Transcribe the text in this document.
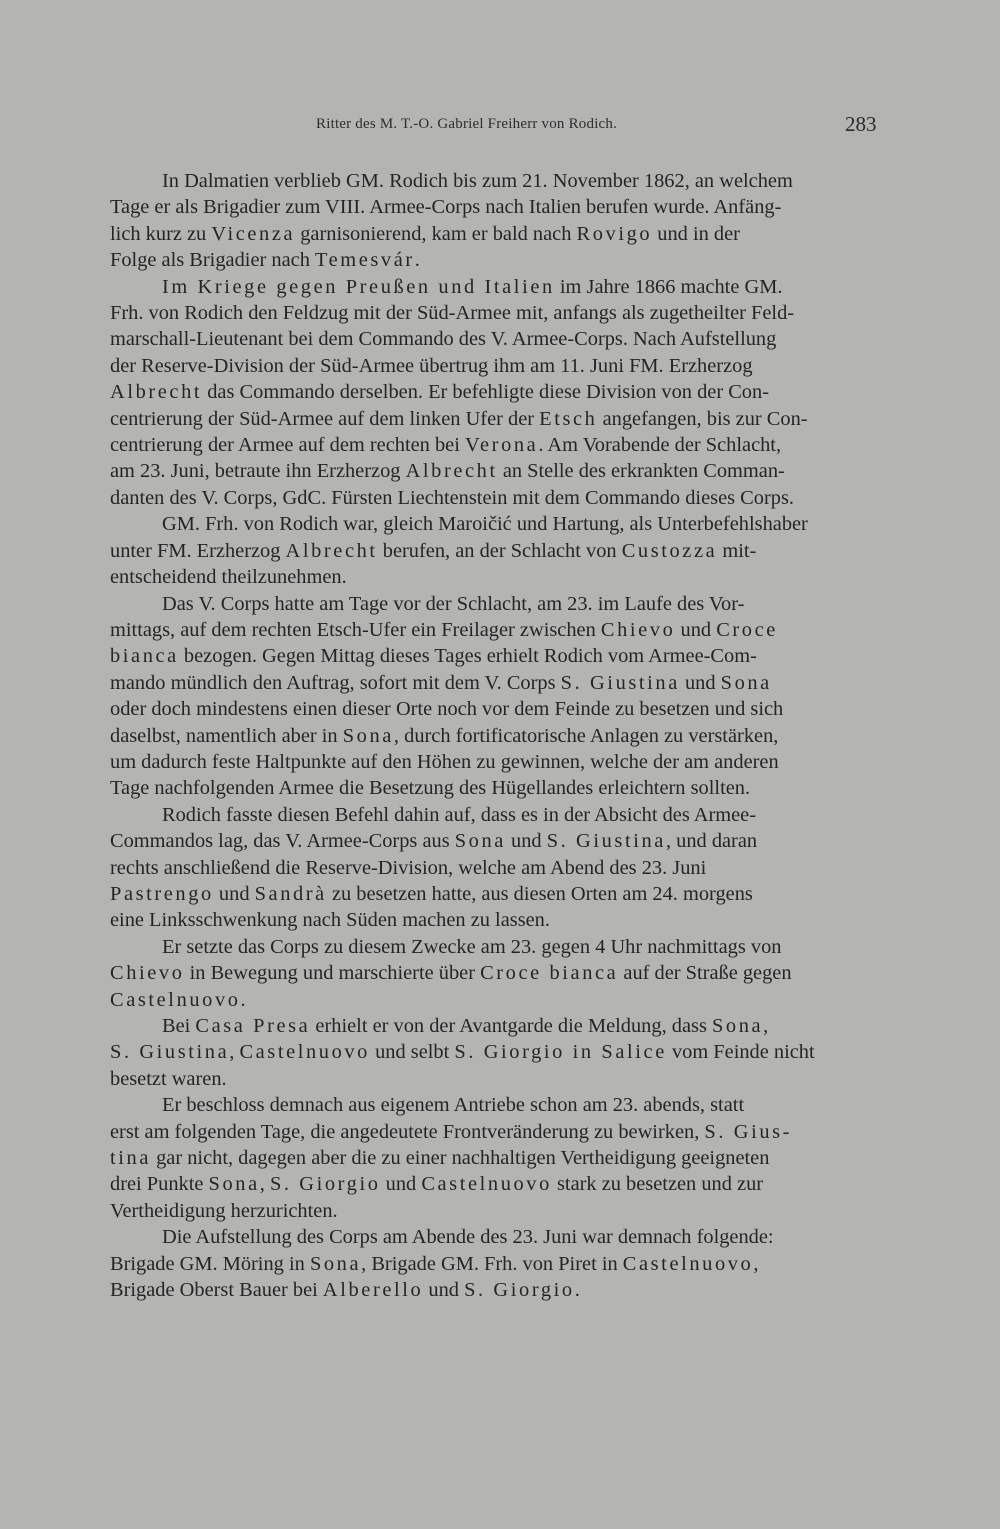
Ritter des M. T.-O. Gabriel Freiherr von Rodich.	283

In Dalmatien verblieb GM. Rodich bis zum 21. November 1862, an welchem
Tage er als Brigadier zum VIII. Armee-Corps nach Italien berufen wurde. Anfäng-
lich kurz zu Vicenza garnisonierend, kam er bald nach Rovigo und in der
Folge als Brigadier nach Temesvár.

Im Kriege gegen Preußen und Italien im Jahre 1866 machte GM.
Frh. von Rodich den Feldzug mit der Süd-Armee mit, anfangs als zugetheilter Feld-
marschall-Lieutenant bei dem Commando des V. Armee-Corps. Nach Aufstellung
der Reserve-Division der Süd-Armee übertrug ihm am 11. Juni FM. Erzherzog
Albrecht das Commando derselben. Er befehligte diese Division von der Con-
centrierung der Süd-Armee auf dem linken Ufer der Etsch angefangen, bis zur Con-
centrierung der Armee auf dem rechten bei Verona. Am Vorabende der Schlacht,
am 23. Juni, betraute ihn Erzherzog Albrecht an Stelle des erkrankten Comman-
danten des V. Corps, GdC. Fürsten Liechtenstein mit dem Commando dieses Corps.

GM. Frh. von Rodich war, gleich Maroičić und Hartung, als Unterbefehlshaber
unter FM. Erzherzog Albrecht berufen, an der Schlacht von Custozza mit-
entscheidend theilzunehmen.

Das V. Corps hatte am Tage vor der Schlacht, am 23. im Laufe des Vor-
mittags, auf dem rechten Etsch-Ufer ein Freilager zwischen Chievo und Croce
bianca bezogen. Gegen Mittag dieses Tages erhielt Rodich vom Armee-Com-
mando mündlich den Auftrag, sofort mit dem V. Corps S. Giustina und Sona
oder doch mindestens einen dieser Orte noch vor dem Feinde zu besetzen und sich
daselbst, namentlich aber in Sona, durch fortificatorische Anlagen zu verstärken,
um dadurch feste Haltpunkte auf den Höhen zu gewinnen, welche der am anderen
Tage nachfolgenden Armee die Besetzung des Hügellandes erleichtern sollten.

Rodich fasste diesen Befehl dahin auf, dass es in der Absicht des Armee-
Commandos lag, das V. Armee-Corps aus Sona und S. Giustina, und daran
rechts anschließend die Reserve-Division, welche am Abend des 23. Juni
Pastrengo und Sandrà zu besetzen hatte, aus diesen Orten am 24. morgens
eine Linksschwenkung nach Süden machen zu lassen.

Er setzte das Corps zu diesem Zwecke am 23. gegen 4 Uhr nachmittags von
Chievo in Bewegung und marschierte über Croce bianca auf der Straße gegen
Castelnuovo.

Bei Casa Presa erhielt er von der Avantgarde die Meldung, dass Sona,
S. Giustina, Castelnuovo und selbt S. Giorgio in Salice vom Feinde nicht
besetzt waren.

Er beschloss demnach aus eigenem Antriebe schon am 23. abends, statt
erst am folgenden Tage, die angedeutete Frontveränderung zu bewirken, S. Gius-
tina gar nicht, dagegen aber die zu einer nachhaltigen Vertheidigung geeigneten
drei Punkte Sona, S. Giorgio und Castelnuovo stark zu besetzen und zur
Vertheidigung herzurichten.

Die Aufstellung des Corps am Abende des 23. Juni war demnach folgende:
Brigade GM. Möring in Sona, Brigade GM. Frh. von Piret in Castelnuovo,
Brigade Oberst Bauer bei Alberello und S. Giorgio.
